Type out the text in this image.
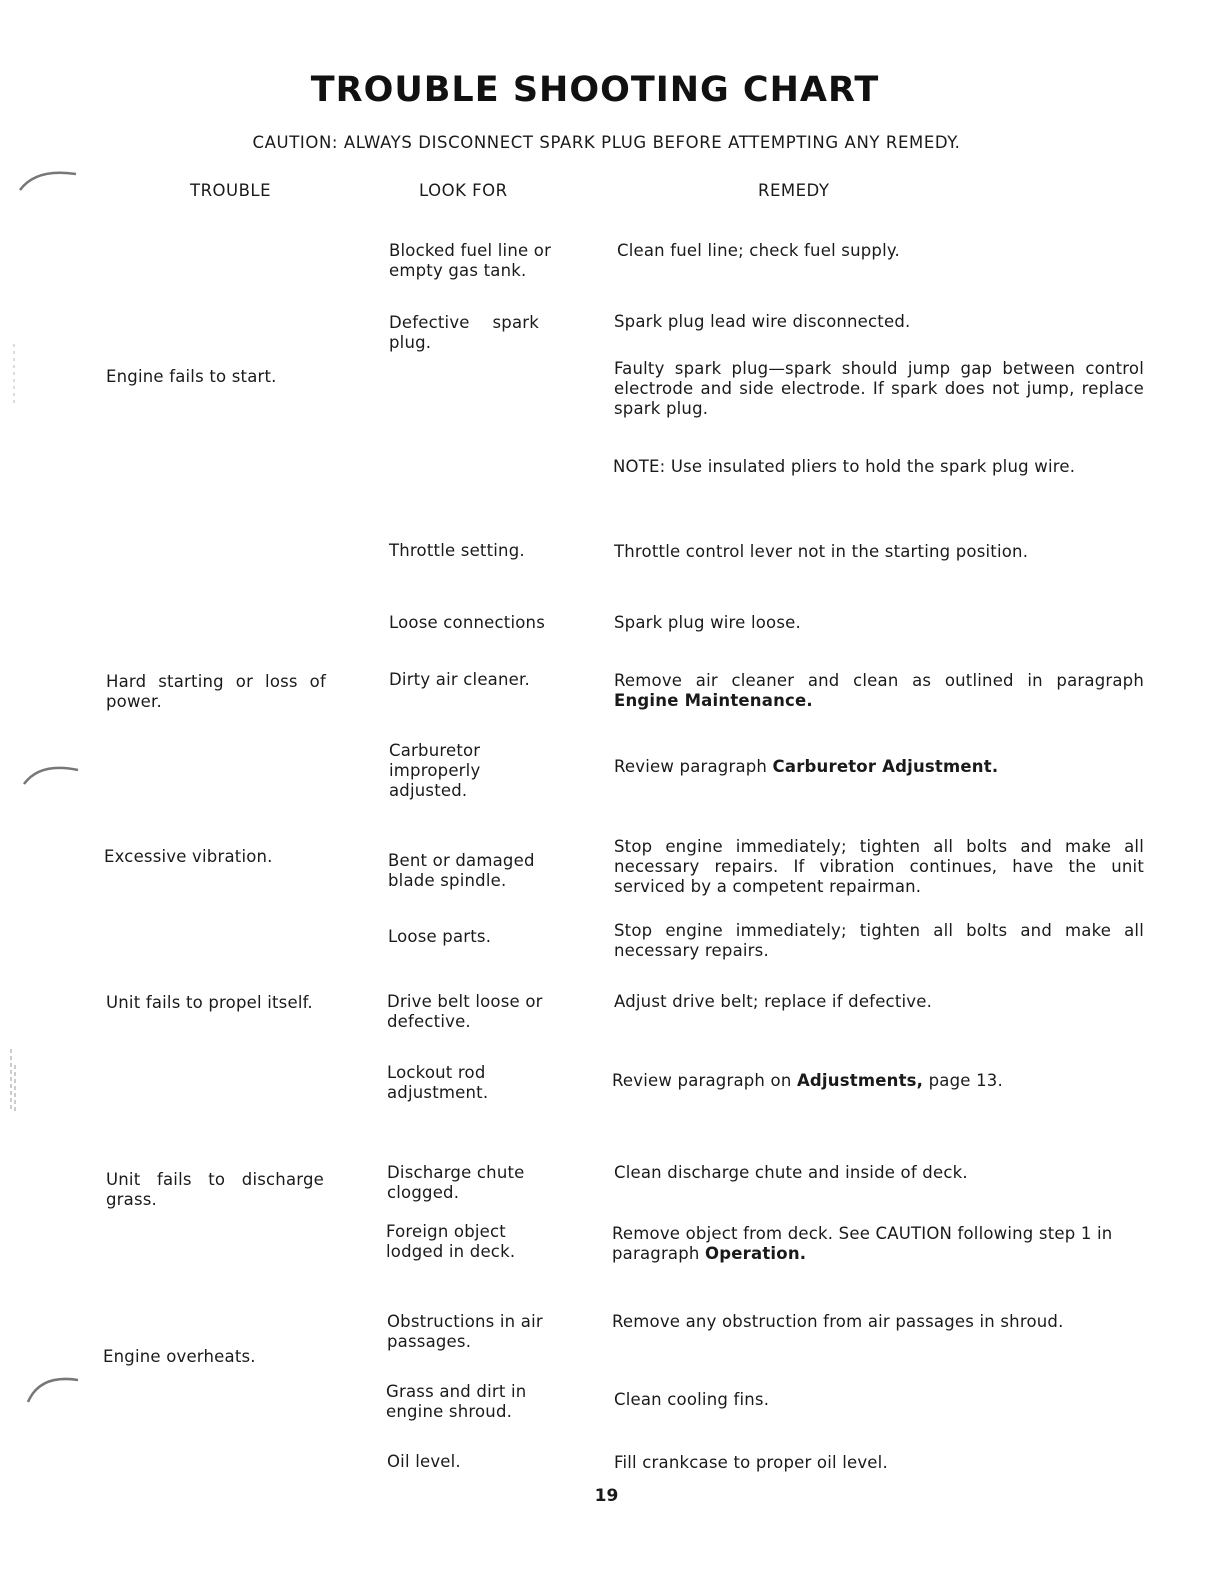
TROUBLE SHOOTING CHART
CAUTION: ALWAYS DISCONNECT SPARK PLUG BEFORE ATTEMPTING ANY REMEDY.
TROUBLE	LOOK FOR	REMEDY
Engine fails to start.
Hard starting or loss of power.
Excessive vibration.
Unit fails to propel itself.
Unit fails to discharge grass.
Engine overheats.
Blocked fuel line or empty gas tank.
Defective spark plug.
Throttle setting.
Loose connections
Dirty air cleaner.
Carburetor improperly adjusted.
Bent or damaged blade spindle.
Loose parts.
Drive belt loose or defective.
Lockout rod adjustment.
Discharge chute clogged.
Foreign object lodged in deck.
Obstructions in air passages.
Grass and dirt in engine shroud.
Oil level.
Clean fuel line; check fuel supply.
Spark plug lead wire disconnected.
Faulty spark plug—spark should jump gap between control electrode and side electrode. If spark does not jump, replace spark plug.
NOTE: Use insulated pliers to hold the spark plug wire.
Throttle control lever not in the starting position.
Spark plug wire loose.
Remove air cleaner and clean as outlined in paragraph Engine Maintenance.
Review paragraph Carburetor Adjustment.
Stop engine immediately; tighten all bolts and make all necessary repairs. If vibration continues, have the unit serviced by a competent repairman.
Stop engine immediately; tighten all bolts and make all necessary repairs.
Adjust drive belt; replace if defective.
Review paragraph on Adjustments, page 13.
Clean discharge chute and inside of deck.
Remove object from deck. See CAUTION following step 1 in paragraph Operation.
Remove any obstruction from air passages in shroud.
Clean cooling fins.
Fill crankcase to proper oil level.
19
